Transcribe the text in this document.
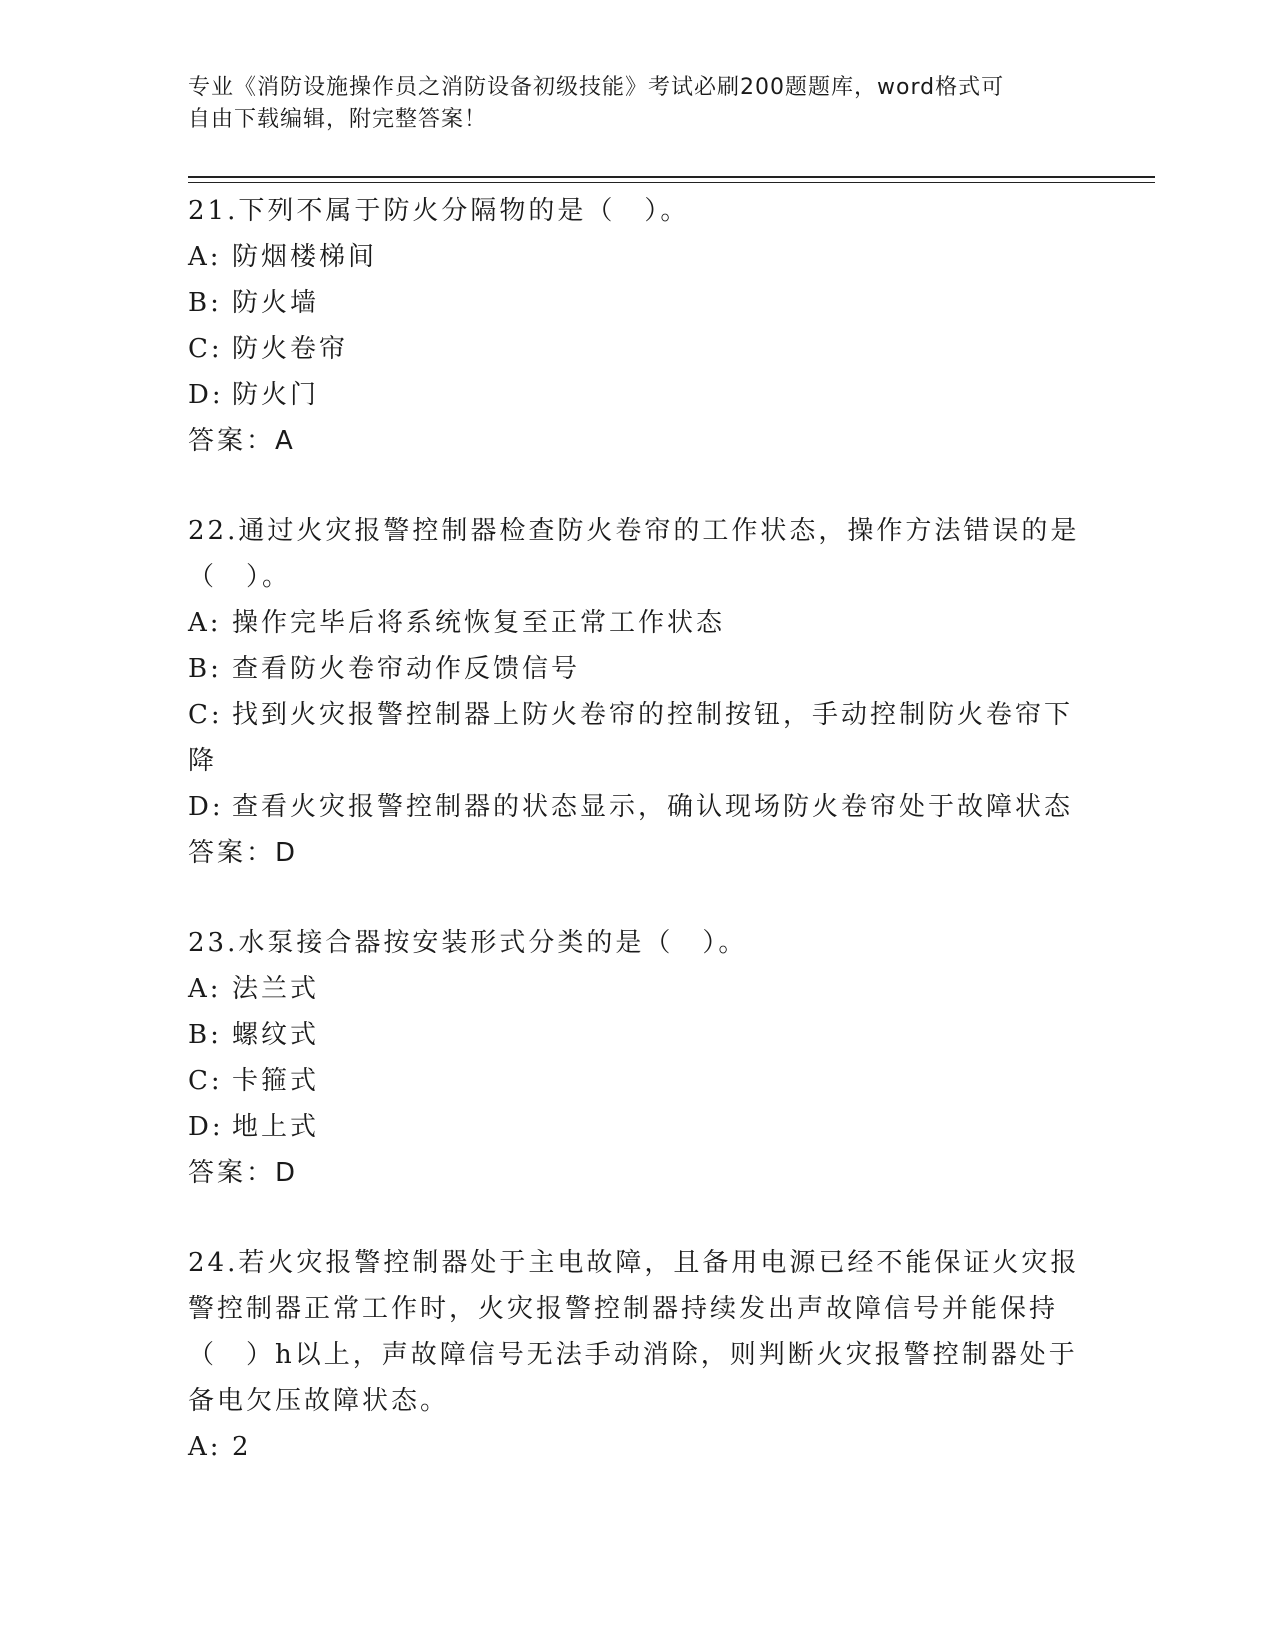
专业《消防设施操作员之消防设备初级技能》考试必刷200题题库，word格式可
自由下载编辑，附完整答案！
21.下列不属于防火分隔物的是（　）。
A: 防烟楼梯间
B: 防火墙
C: 防火卷帘
D: 防火门
答案：A
22.通过火灾报警控制器检查防火卷帘的工作状态，操作方法错误的是（　）。
A: 操作完毕后将系统恢复至正常工作状态
B: 查看防火卷帘动作反馈信号
C: 找到火灾报警控制器上防火卷帘的控制按钮，手动控制防火卷帘下降
D: 查看火灾报警控制器的状态显示，确认现场防火卷帘处于故障状态
答案：D
23.水泵接合器按安装形式分类的是（　）。
A: 法兰式
B: 螺纹式
C: 卡箍式
D: 地上式
答案：D
24.若火灾报警控制器处于主电故障，且备用电源已经不能保证火灾报警控制器正常工作时，火灾报警控制器持续发出声故障信号并能保持（　）h以上，声故障信号无法手动消除，则判断火灾报警控制器处于备电欠压故障状态。
A: 2
